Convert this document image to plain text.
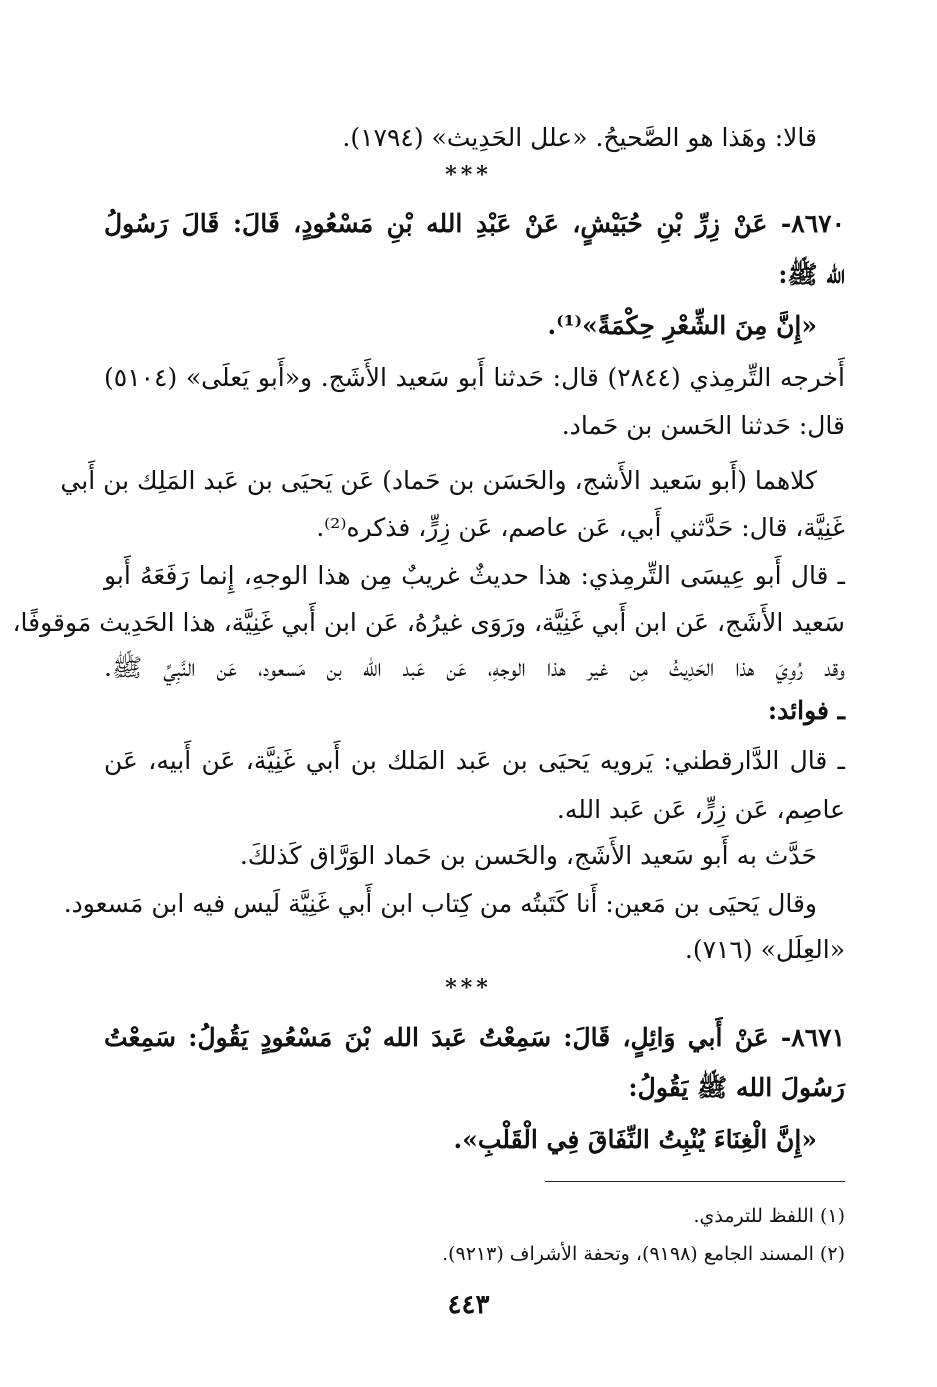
قالا: وهَذا هو الصَّحيحُ. «علل الحَدِيث» (١٧٩٤).
***
٨٦٧٠- عَنْ زِرِّ بْنِ حُبَيْشٍ، عَنْ عَبْدِ الله بْنِ مَسْعُودٍ، قَالَ: قَالَ رَسُولُ
الله ﷺ:
«إِنَّ مِنَ الشِّعْرِ حِكْمَةً»⁽¹⁾.
أَخرجه التِّرمِذي (٢٨٤٤) قال: حَدثنا أَبو سَعيد الأَشَج. و«أَبو يَعلَى» (٥١٠٤)
قال: حَدثنا الحَسن بن حَماد.
كلاهما (أَبو سَعيد الأَشج، والحَسَن بن حَماد) عَن يَحيَى بن عَبد المَلِك بن أَبي
غَنِيَّة، قال: حَدَّثني أَبي، عَن عاصم، عَن زِرٍّ، فذكره⁽²⁾.
ـ قال أَبو عِيسَى التِّرمِذي: هذا حديثٌ غريبٌ مِن هذا الوجهِ، إِنما رَفَعَهُ أَبو
سَعيد الأَشَج، عَن ابن أَبي غَنِيَّة، ورَوَى غيرُهُ، عَن ابن أَبي غَنِيَّة، هذا الحَدِيث مَوقوفًا،
وقد رُوِيَ هذا الحَدِيثُ مِن غير هذا الوجهِ، عَن عَبد الله بن مَسعود، عَن النَّبِيِّ ﷺ.
ـ فوائد:
ـ قال الدَّارقطني: يَرويه يَحيَى بن عَبد المَلك بن أَبي غَنِيَّة، عَن أَبيه، عَن
عاصِم، عَن زِرٍّ، عَن عَبد الله.
حَدَّث به أَبو سَعيد الأَشَج، والحَسن بن حَماد الوَرَّاق كَذلكَ.
وقال يَحيَى بن مَعين: أَنا كَتَبتُه من كِتاب ابن أَبي غَنِيَّة لَيس فيه ابن مَسعود.
«العِلَل» (٧١٦).
***
٨٦٧١- عَنْ أَبي وَائِلٍ، قَالَ: سَمِعْتُ عَبدَ الله بْنَ مَسْعُودٍ يَقُولُ: سَمِعْتُ
رَسُولَ الله ﷺ يَقُولُ:
«إِنَّ الْغِنَاءَ يُنْبِتُ النِّفَاقَ فِي الْقَلْبِ».
(١) اللفظ للترمذي.
(٢) المسند الجامع (٩١٩٨)، وتحفة الأشراف (٩٢١٣).
٤٤٣
